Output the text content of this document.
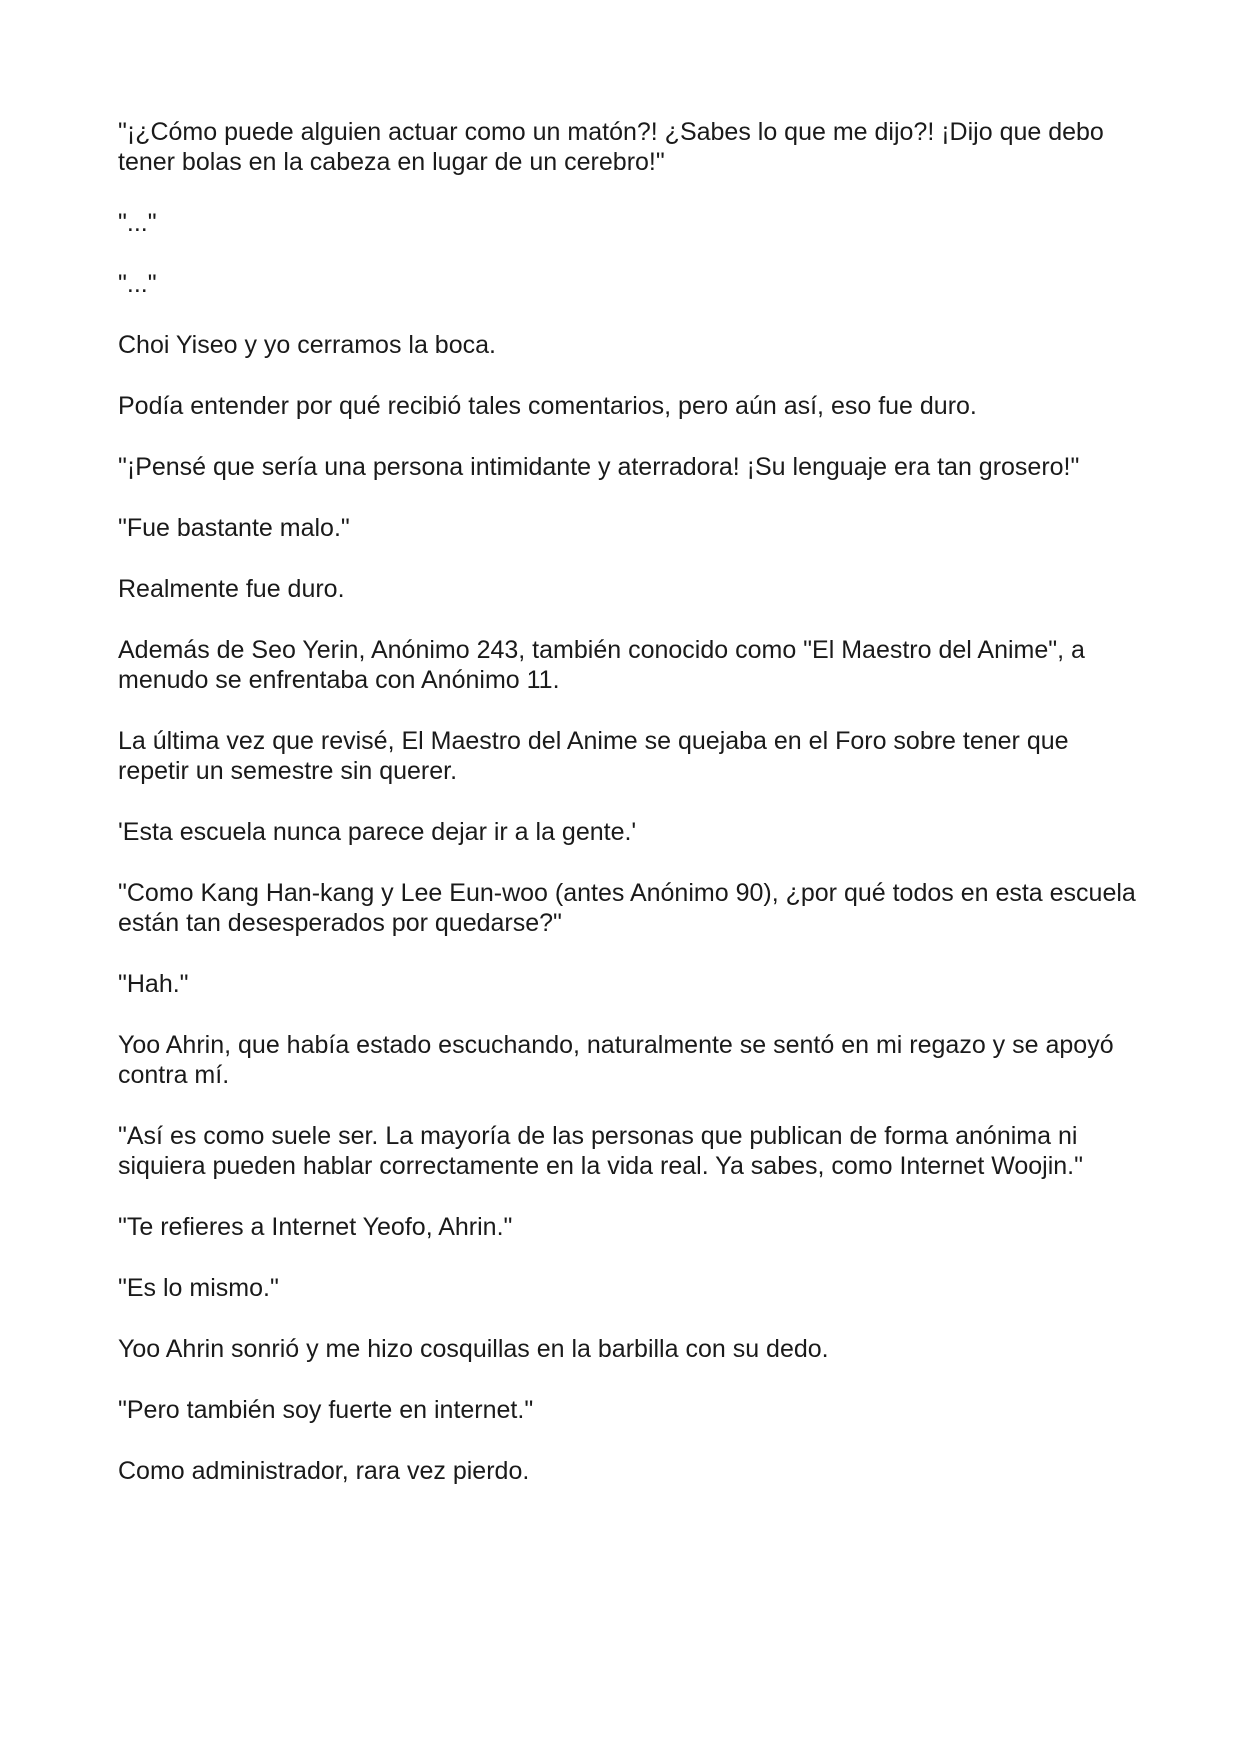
"¡¿Cómo puede alguien actuar como un matón?! ¿Sabes lo que me dijo?! ¡Dijo que debo tener bolas en la cabeza en lugar de un cerebro!"

"..."

"..."

Choi Yiseo y yo cerramos la boca.

Podía entender por qué recibió tales comentarios, pero aún así, eso fue duro.

"¡Pensé que sería una persona intimidante y aterradora! ¡Su lenguaje era tan grosero!"

"Fue bastante malo."

Realmente fue duro.

Además de Seo Yerin, Anónimo 243, también conocido como "El Maestro del Anime", a menudo se enfrentaba con Anónimo 11.

La última vez que revisé, El Maestro del Anime se quejaba en el Foro sobre tener que repetir un semestre sin querer.

'Esta escuela nunca parece dejar ir a la gente.'

"Como Kang Han-kang y Lee Eun-woo (antes Anónimo 90), ¿por qué todos en esta escuela están tan desesperados por quedarse?"

"Hah."

Yoo Ahrin, que había estado escuchando, naturalmente se sentó en mi regazo y se apoyó contra mí.

"Así es como suele ser. La mayoría de las personas que publican de forma anónima ni siquiera pueden hablar correctamente en la vida real. Ya sabes, como Internet Woojin."

"Te refieres a Internet Yeofo, Ahrin."

"Es lo mismo."

Yoo Ahrin sonrió y me hizo cosquillas en la barbilla con su dedo.

"Pero también soy fuerte en internet."

Como administrador, rara vez pierdo.
